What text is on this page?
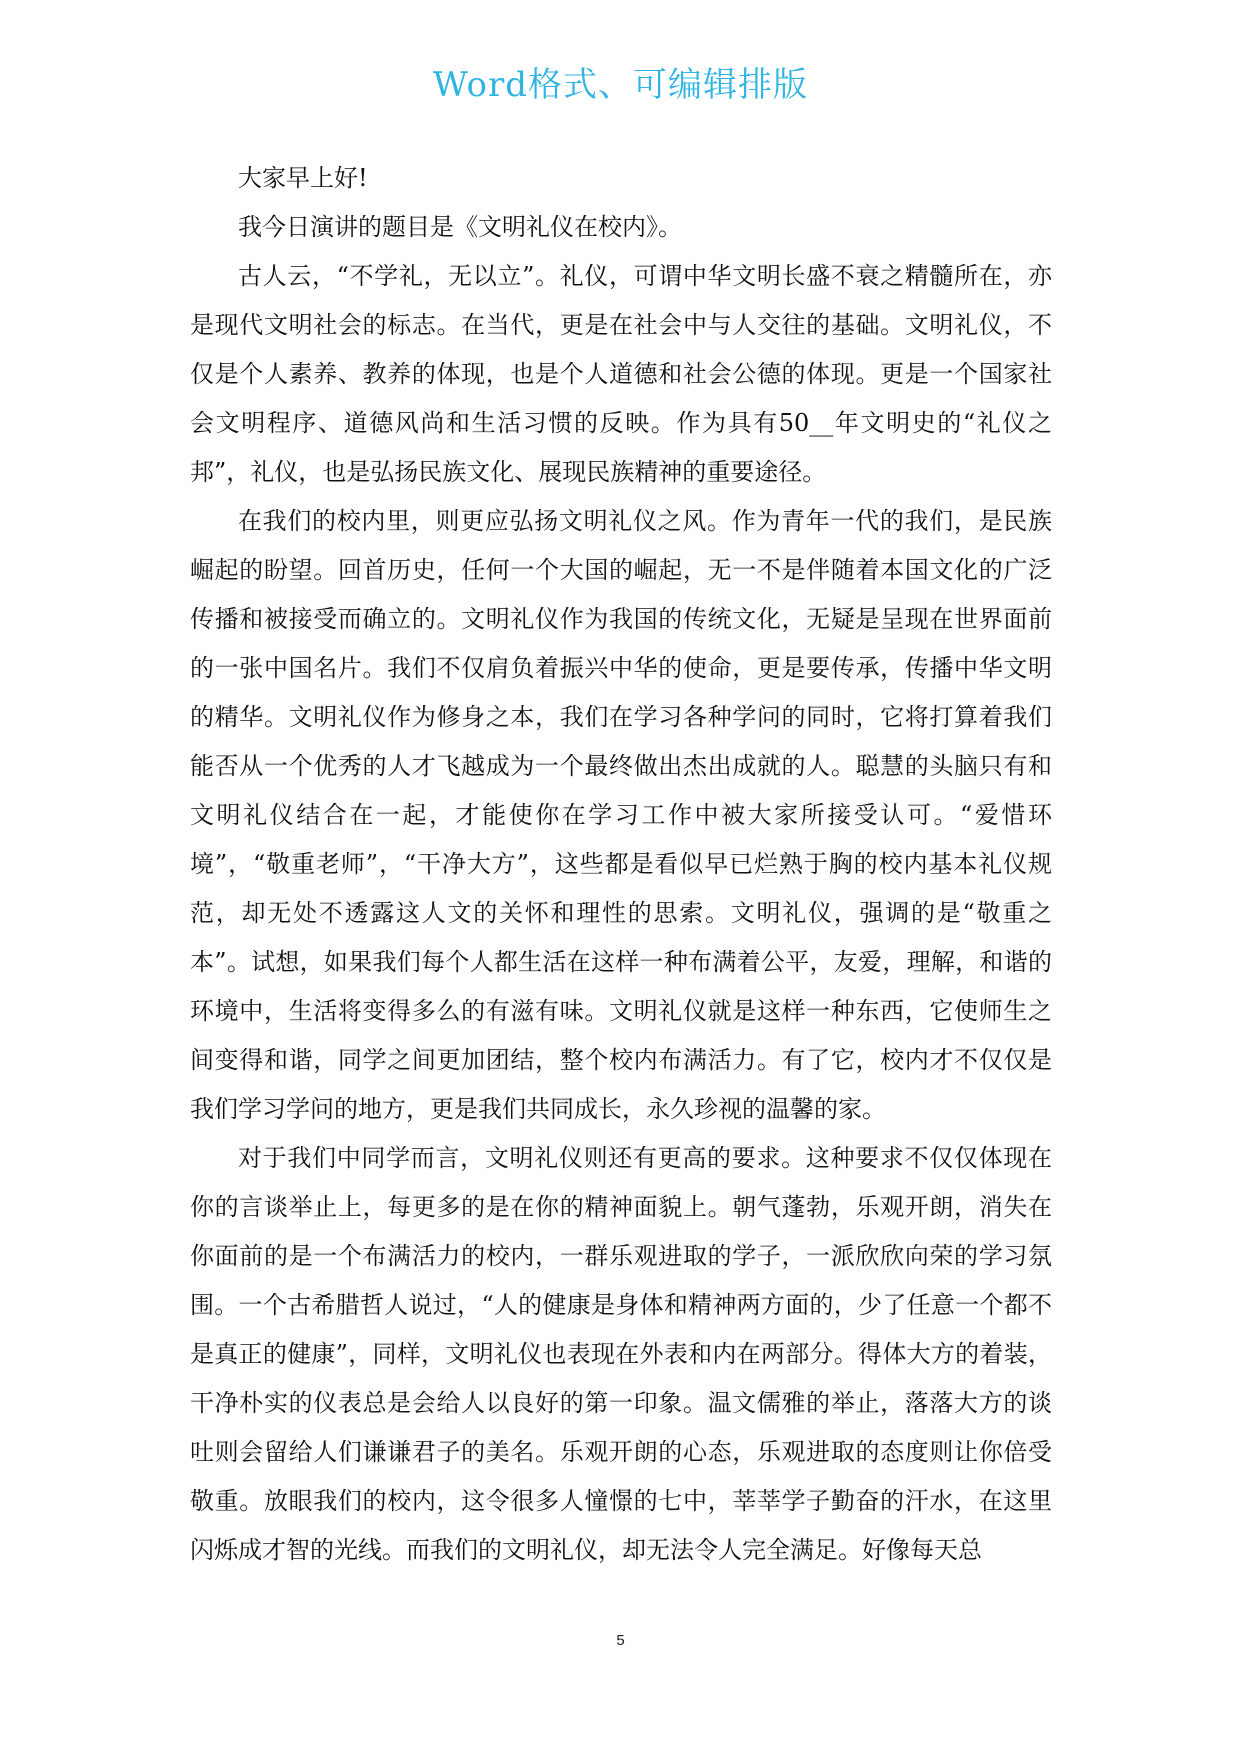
Word格式、可编辑排版

大家早上好!

我今日演讲的题目是《文明礼仪在校内》。

古人云，“不学礼，无以立”。礼仪，可谓中华文明长盛不衰之精髓所在，亦是现代文明社会的标志。在当代，更是在社会中与人交往的基础。文明礼仪，不仅是个人素养、教养的体现，也是个人道德和社会公德的体现。更是一个国家社会文明程序、道德风尚和生活习惯的反映。作为具有50__年文明史的“礼仪之邦”，礼仪，也是弘扬民族文化、展现民族精神的重要途径。

在我们的校内里，则更应弘扬文明礼仪之风。作为青年一代的我们，是民族崛起的盼望。回首历史，任何一个大国的崛起，无一不是伴随着本国文化的广泛传播和被接受而确立的。文明礼仪作为我国的传统文化，无疑是呈现在世界面前的一张中国名片。我们不仅肩负着振兴中华的使命，更是要传承，传播中华文明的精华。文明礼仪作为修身之本，我们在学习各种学问的同时，它将打算着我们能否从一个优秀的人才飞越成为一个最终做出杰出成就的人。聪慧的头脑只有和文明礼仪结合在一起，才能使你在学习工作中被大家所接受认可。“爱惜环境”，“敬重老师”，“干净大方”，这些都是看似早已烂熟于胸的校内基本礼仪规范，却无处不透露这人文的关怀和理性的思索。文明礼仪，强调的是“敬重之本”。试想，如果我们每个人都生活在这样一种布满着公平，友爱，理解，和谐的环境中，生活将变得多么的有滋有味。文明礼仪就是这样一种东西，它使师生之间变得和谐，同学之间更加团结，整个校内布满活力。有了它，校内才不仅仅是我们学习学问的地方，更是我们共同成长，永久珍视的温馨的家。

对于我们中同学而言，文明礼仪则还有更高的要求。这种要求不仅仅体现在你的言谈举止上，每更多的是在你的精神面貌上。朝气蓬勃，乐观开朗，消失在你面前的是一个布满活力的校内，一群乐观进取的学子，一派欣欣向荣的学习氛围。一个古希腊哲人说过，“人的健康是身体和精神两方面的，少了任意一个都不是真正的健康”，同样，文明礼仪也表现在外表和内在两部分。得体大方的着装，干净朴实的仪表总是会给人以良好的第一印象。温文儒雅的举止，落落大方的谈吐则会留给人们谦谦君子的美名。乐观开朗的心态，乐观进取的态度则让你倍受敬重。放眼我们的校内，这令很多人憧憬的七中，莘莘学子勤奋的汗水，在这里闪烁成才智的光线。而我们的文明礼仪，却无法令人完全满足。好像每天总

5
